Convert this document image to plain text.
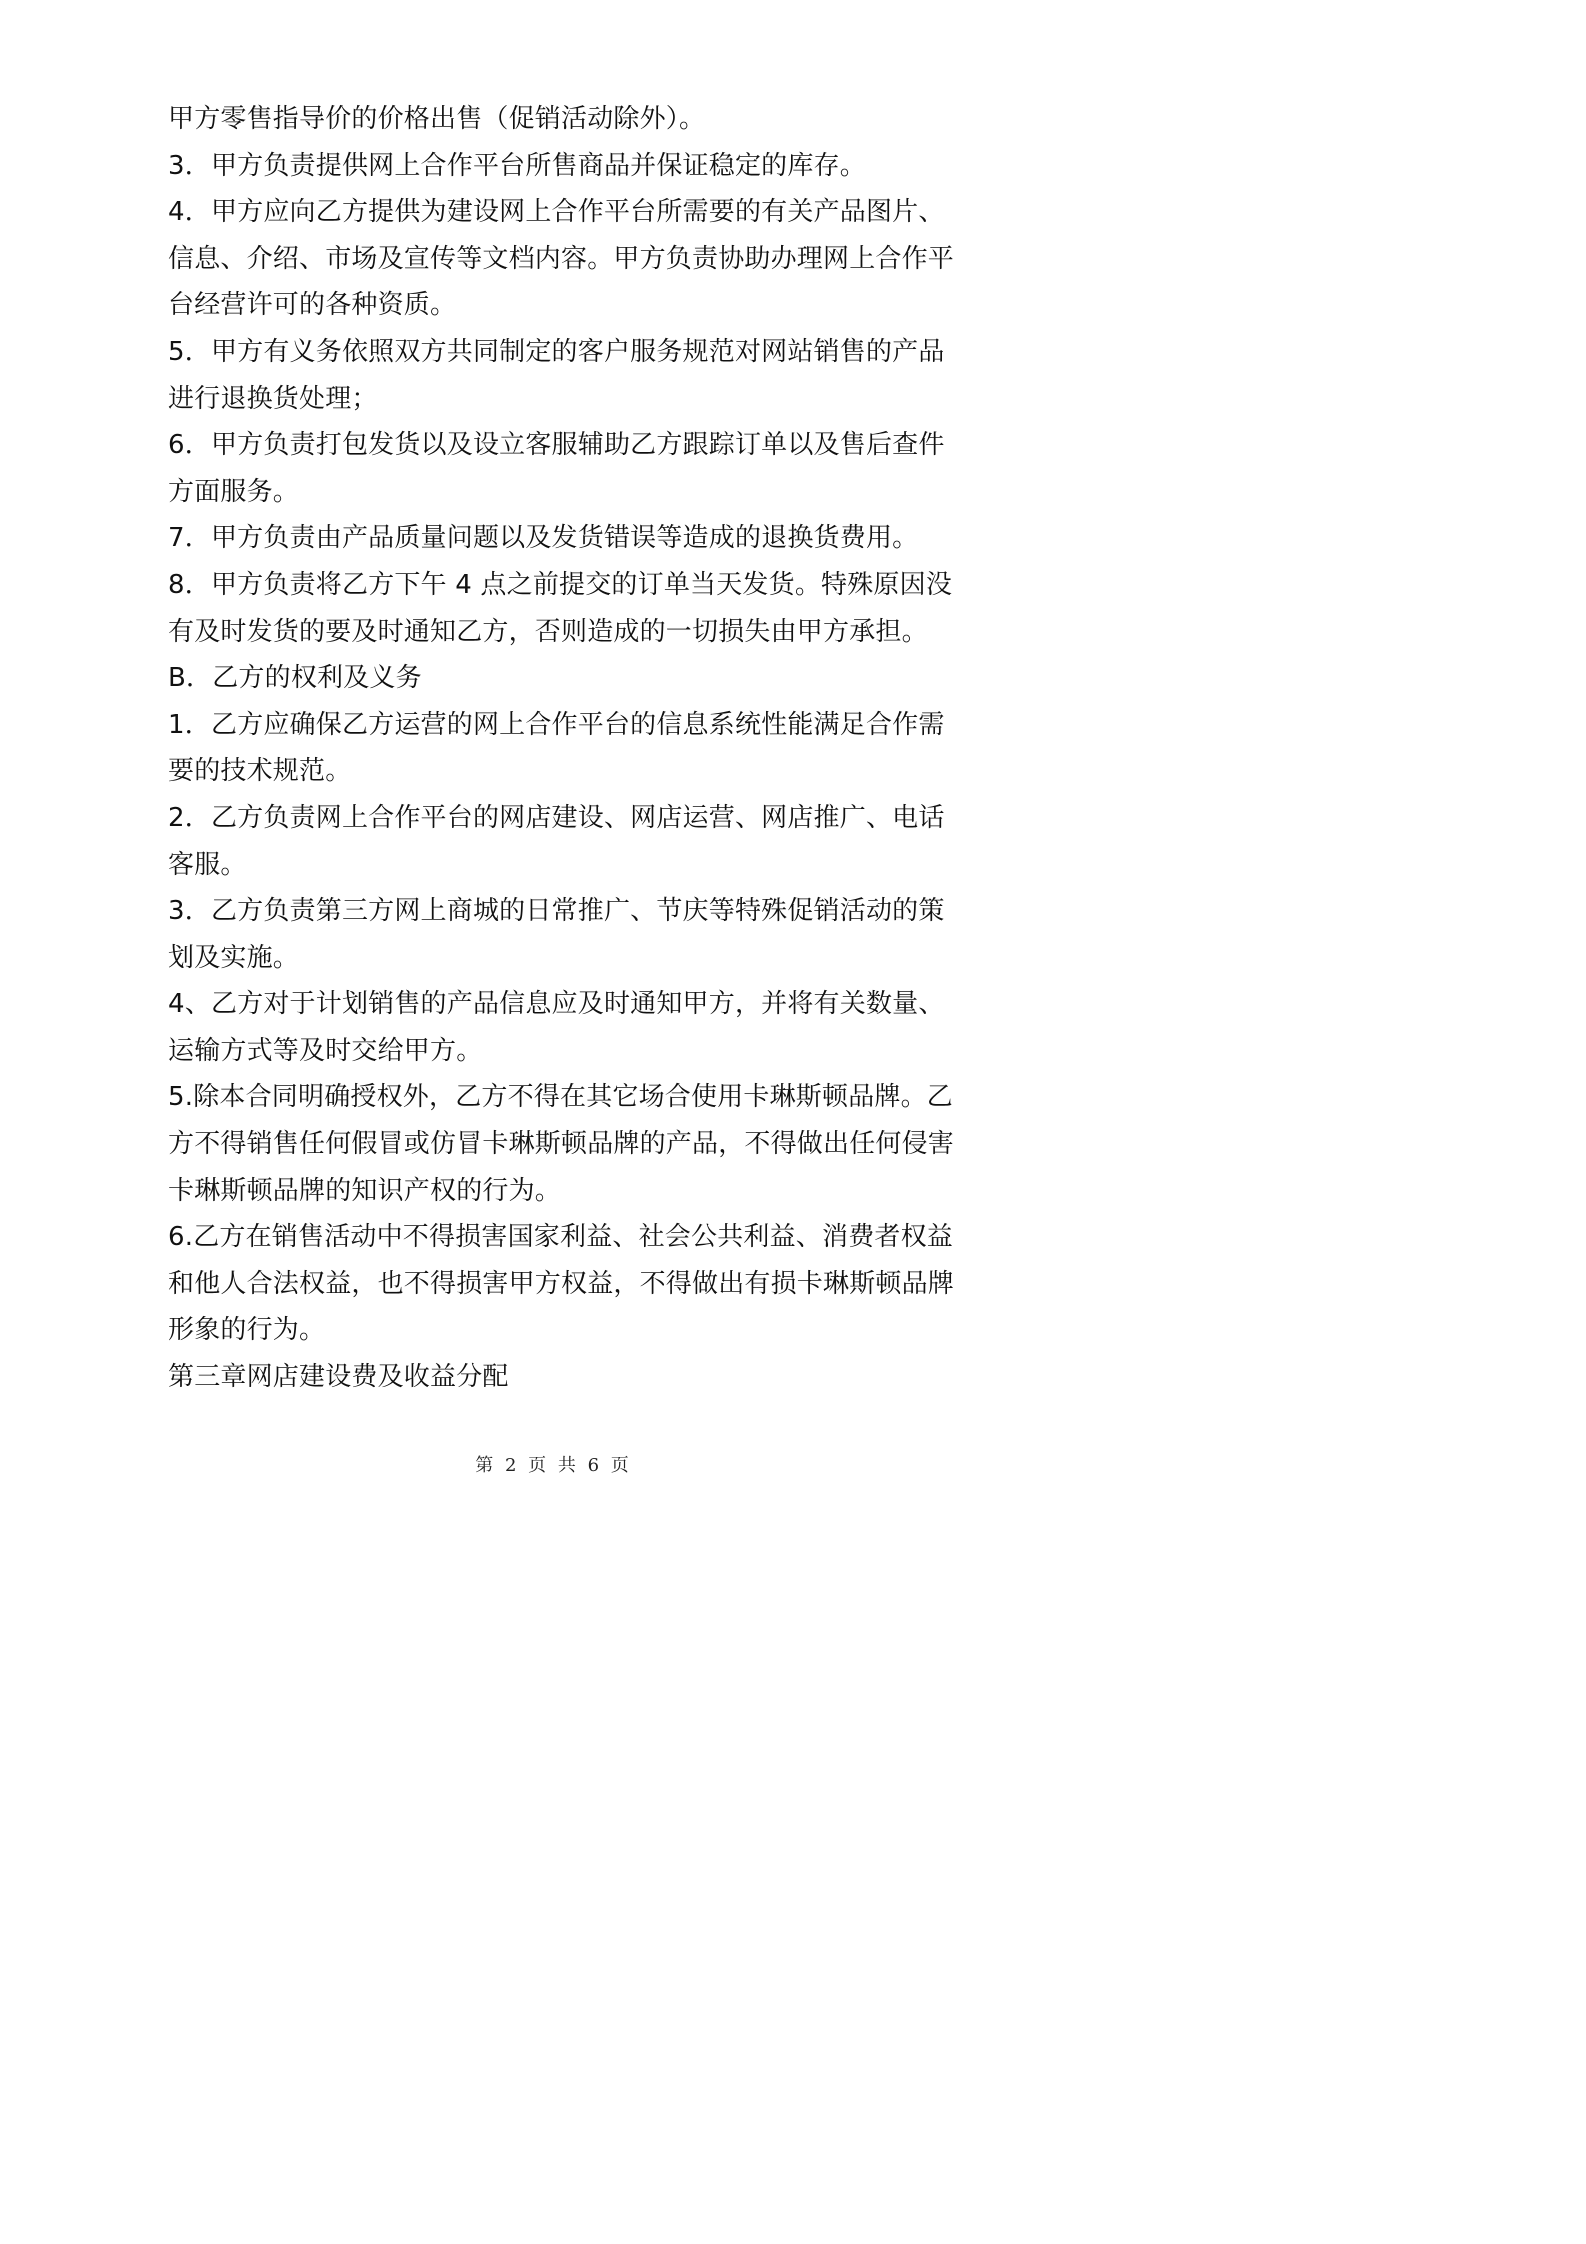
甲方零售指导价的价格出售（促销活动除外）。
3．甲方负责提供网上合作平台所售商品并保证稳定的库存。
4．甲方应向乙方提供为建设网上合作平台所需要的有关产品图片、
信息、介绍、市场及宣传等文档内容。甲方负责协助办理网上合作平
台经营许可的各种资质。
5．甲方有义务依照双方共同制定的客户服务规范对网站销售的产品
进行退换货处理；
6．甲方负责打包发货以及设立客服辅助乙方跟踪订单以及售后查件
方面服务。
7．甲方负责由产品质量问题以及发货错误等造成的退换货费用。
8．甲方负责将乙方下午 4 点之前提交的订单当天发货。特殊原因没
有及时发货的要及时通知乙方，否则造成的一切损失由甲方承担。
B．乙方的权利及义务
1．乙方应确保乙方运营的网上合作平台的信息系统性能满足合作需
要的技术规范。
2．乙方负责网上合作平台的网店建设、网店运营、网店推广、电话
客服。
3．乙方负责第三方网上商城的日常推广、节庆等特殊促销活动的策
划及实施。
4、乙方对于计划销售的产品信息应及时通知甲方，并将有关数量、
运输方式等及时交给甲方。
5.除本合同明确授权外，乙方不得在其它场合使用卡琳斯顿品牌。乙
方不得销售任何假冒或仿冒卡琳斯顿品牌的产品，不得做出任何侵害
卡琳斯顿品牌的知识产权的行为。
6.乙方在销售活动中不得损害国家利益、社会公共利益、消费者权益
和他人合法权益，也不得损害甲方权益，不得做出有损卡琳斯顿品牌
形象的行为。
第三章网店建设费及收益分配
第 2 页 共 6 页
